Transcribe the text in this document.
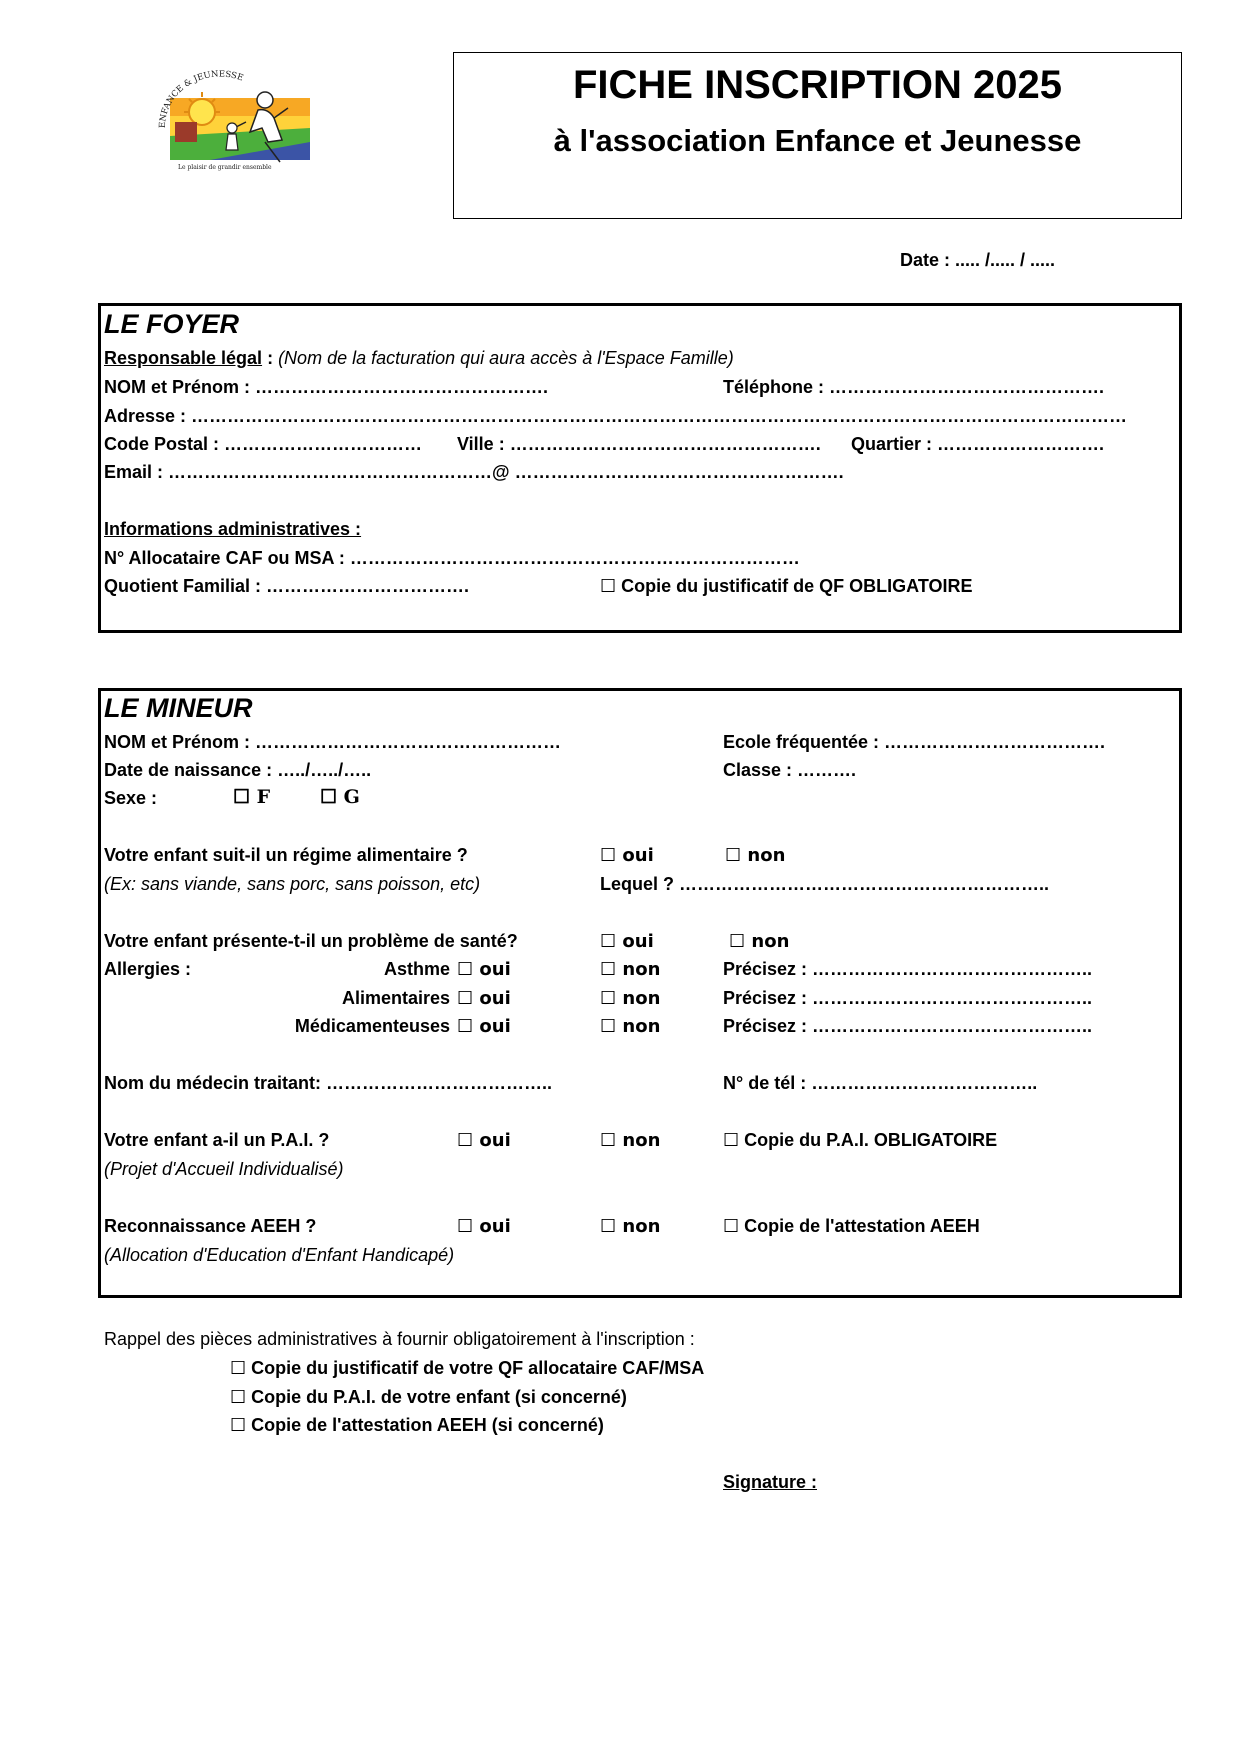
ENFANCE & JEUNESSE
Le plaisir de grandir ensemble
FICHE INSCRIPTION 2025
à l'association Enfance et Jeunesse
Date : ..... /..... / .....
LE FOYER
Responsable légal : (Nom de la facturation qui aura accès à l'Espace Famille)
NOM et Prénom : ………………………………………….	Téléphone : ……………………………………….
Adresse : …………………………………………………………………………………………………………………………………………
Code Postal : …………………………… Ville : ……………………………………………. Quartier : ……………………….
Email : ………………………………………………@ ……………………………………………….
Informations administratives :
N° Allocataire CAF ou MSA : …………………………………………………………………
Quotient Familial : …………………………….	☐ Copie du justificatif de QF OBLIGATOIRE
LE MINEUR
NOM et Prénom : ……………………………………………	Ecole fréquentée : ……………………………….
Date de naissance : …../…../…..	Classe : ……….
Sexe :	☐ F	☐ G
Votre enfant suit-il un régime alimentaire ?	☐ oui	☐ non
(Ex: sans viande, sans porc, sans poisson, etc)	Lequel ? ……………………………………………………..
Votre enfant présente-t-il un problème de santé?	☐ oui	☐ non
Allergies :	Asthme ☐ oui	☐ non	Précisez : ………………………………………..
Alimentaires ☐ oui	☐ non	Précisez : ………………………………………..
Médicamenteuses ☐ oui	☐ non	Précisez : ………………………………………..
Nom du médecin traitant: ………………………………..	N° de tél : ………………………………..
Votre enfant a-il un P.A.I. ?	☐ oui	☐ non	☐ Copie du P.A.I. OBLIGATOIRE
(Projet d'Accueil Individualisé)
Reconnaissance AEEH ?	☐ oui	☐ non	☐ Copie de l'attestation AEEH
(Allocation d'Education d'Enfant Handicapé)
Rappel des pièces administratives à fournir obligatoirement à l'inscription :
☐ Copie du justificatif de votre QF allocataire CAF/MSA
☐ Copie du P.A.I. de votre enfant (si concerné)
☐ Copie de l'attestation AEEH (si concerné)
Signature :
